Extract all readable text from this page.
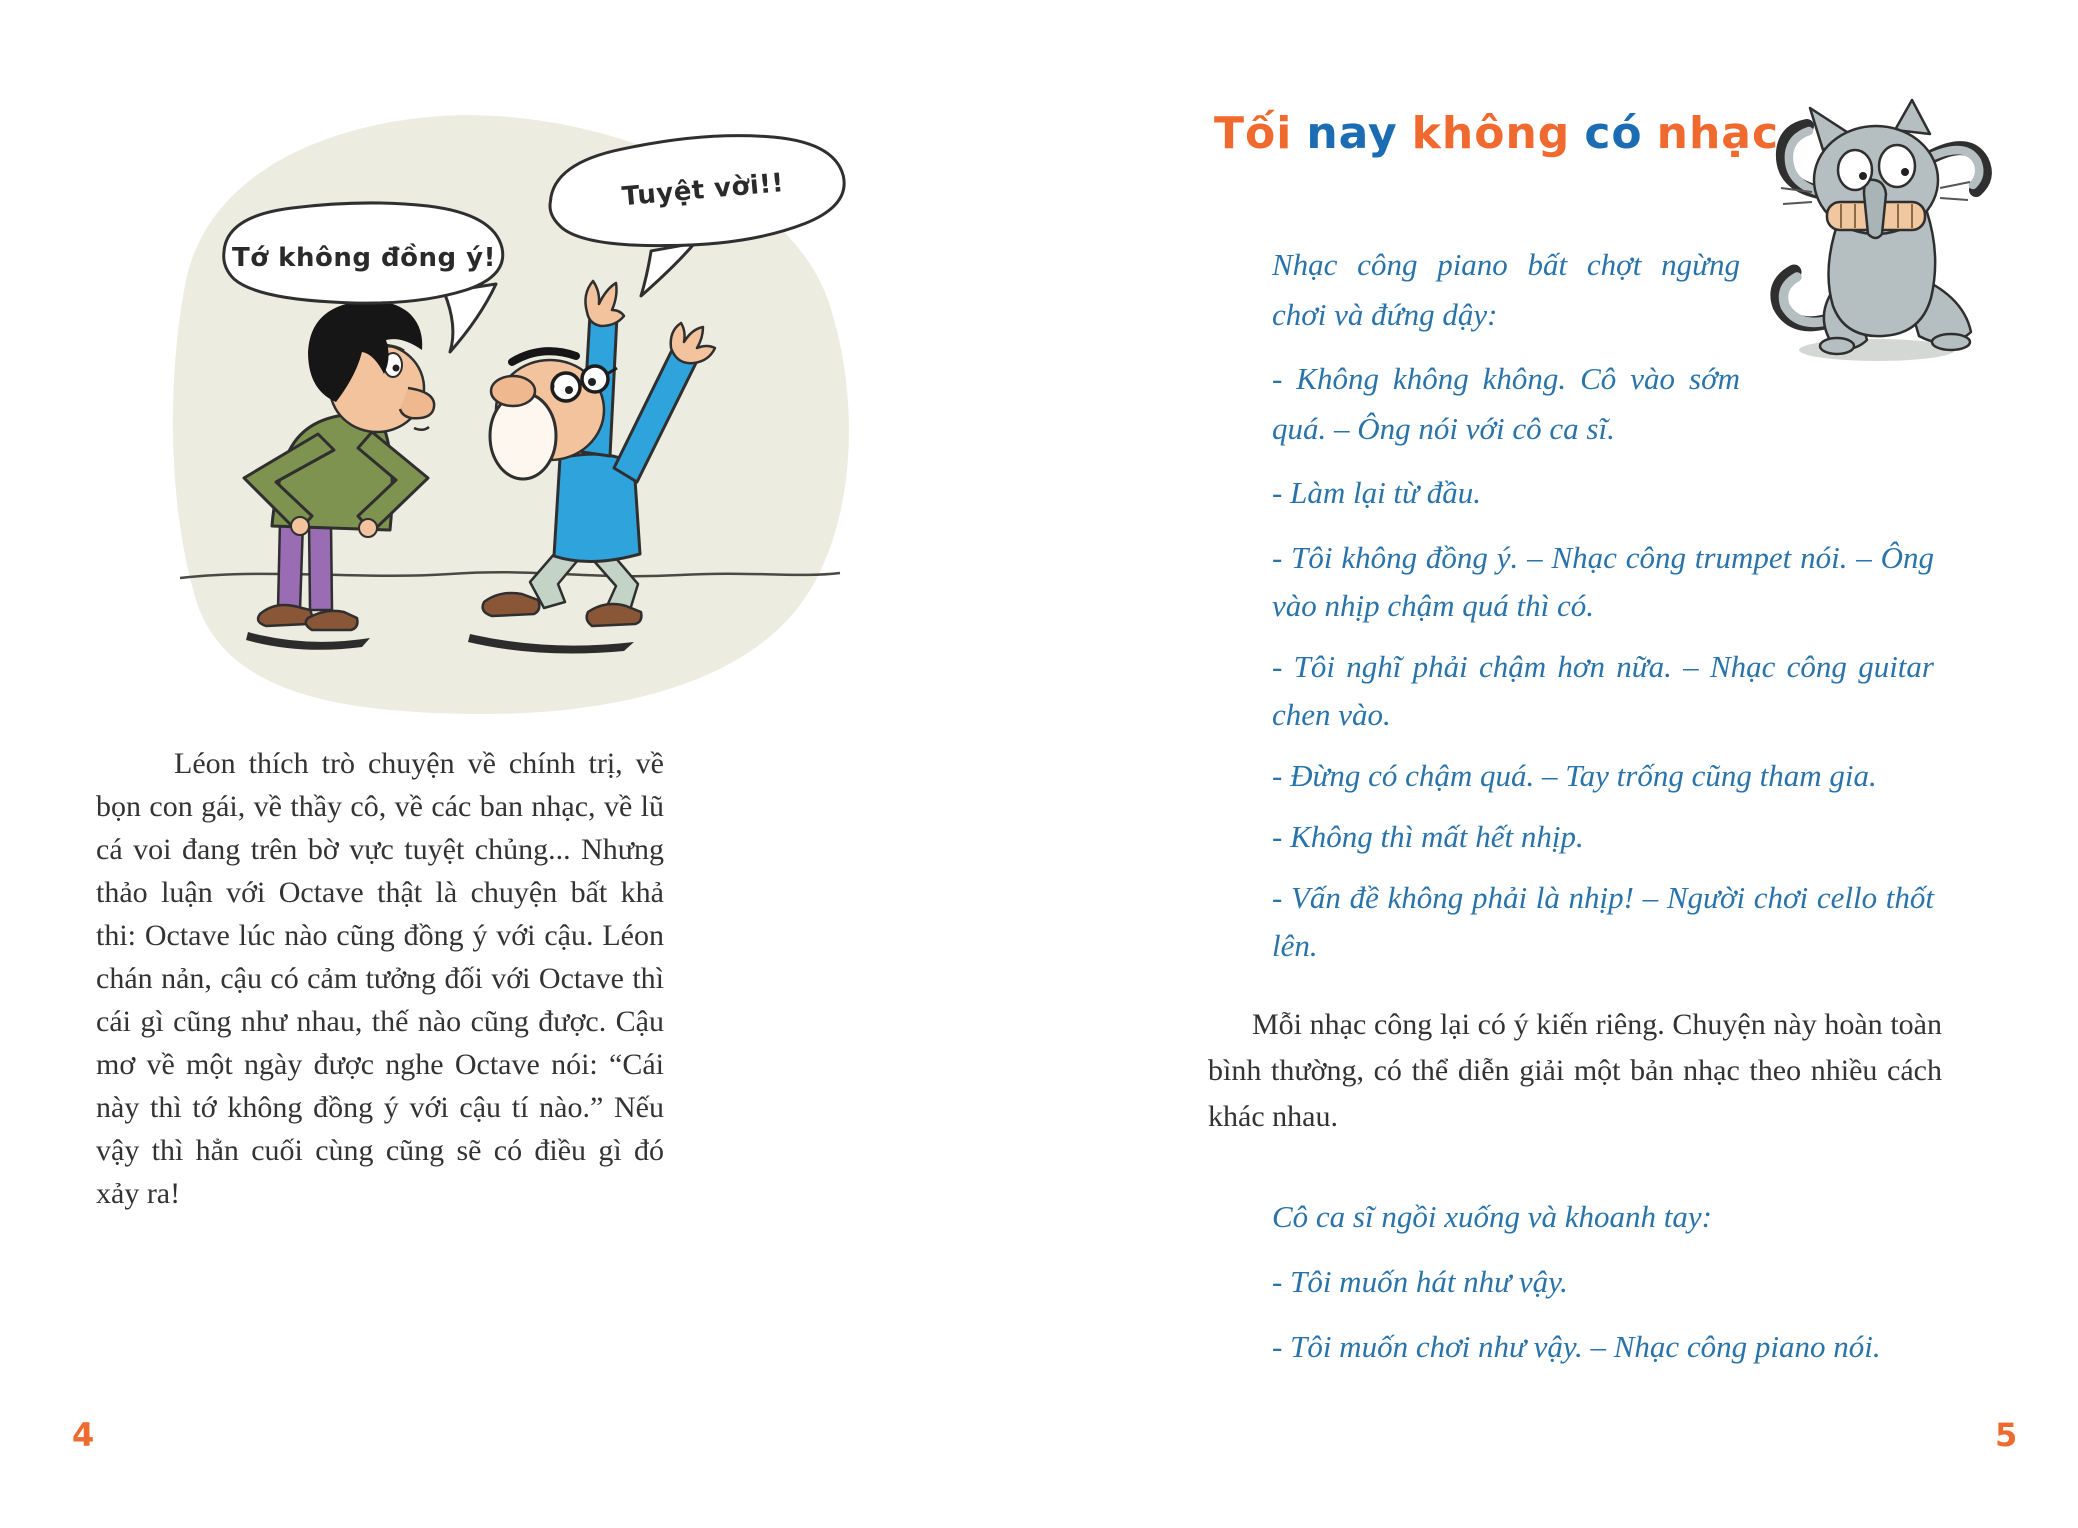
Tớ không đồng ý!
Tuyệt vời!!

Léon thích trò chuyện về chính trị, về bọn con gái, về thầy cô, về các ban nhạc, về lũ cá voi đang trên bờ vực tuyệt chủng... Nhưng thảo luận với Octave thật là chuyện bất khả thi: Octave lúc nào cũng đồng ý với cậu. Léon chán nản, cậu có cảm tưởng đối với Octave thì cái gì cũng như nhau, thế nào cũng được. Cậu mơ về một ngày được nghe Octave nói: “Cái này thì tớ không đồng ý với cậu tí nào.” Nếu vậy thì hẳn cuối cùng cũng sẽ có điều gì đó xảy ra!

4
Tối nay không có nhạc

Nhạc công piano bất chợt ngừng chơi và đứng dậy:

- Không không không. Cô vào sớm quá. – Ông nói với cô ca sĩ.

- Làm lại từ đầu.

- Tôi không đồng ý. – Nhạc công trumpet nói. – Ông vào nhịp chậm quá thì có.

- Tôi nghĩ phải chậm hơn nữa. – Nhạc công guitar chen vào.

- Đừng có chậm quá. – Tay trống cũng tham gia.

- Không thì mất hết nhịp.

- Vấn đề không phải là nhịp! – Người chơi cello thốt lên.

Mỗi nhạc công lại có ý kiến riêng. Chuyện này hoàn toàn bình thường, có thể diễn giải một bản nhạc theo nhiều cách khác nhau.

Cô ca sĩ ngồi xuống và khoanh tay:

- Tôi muốn hát như vậy.

- Tôi muốn chơi như vậy. – Nhạc công piano nói.

5
